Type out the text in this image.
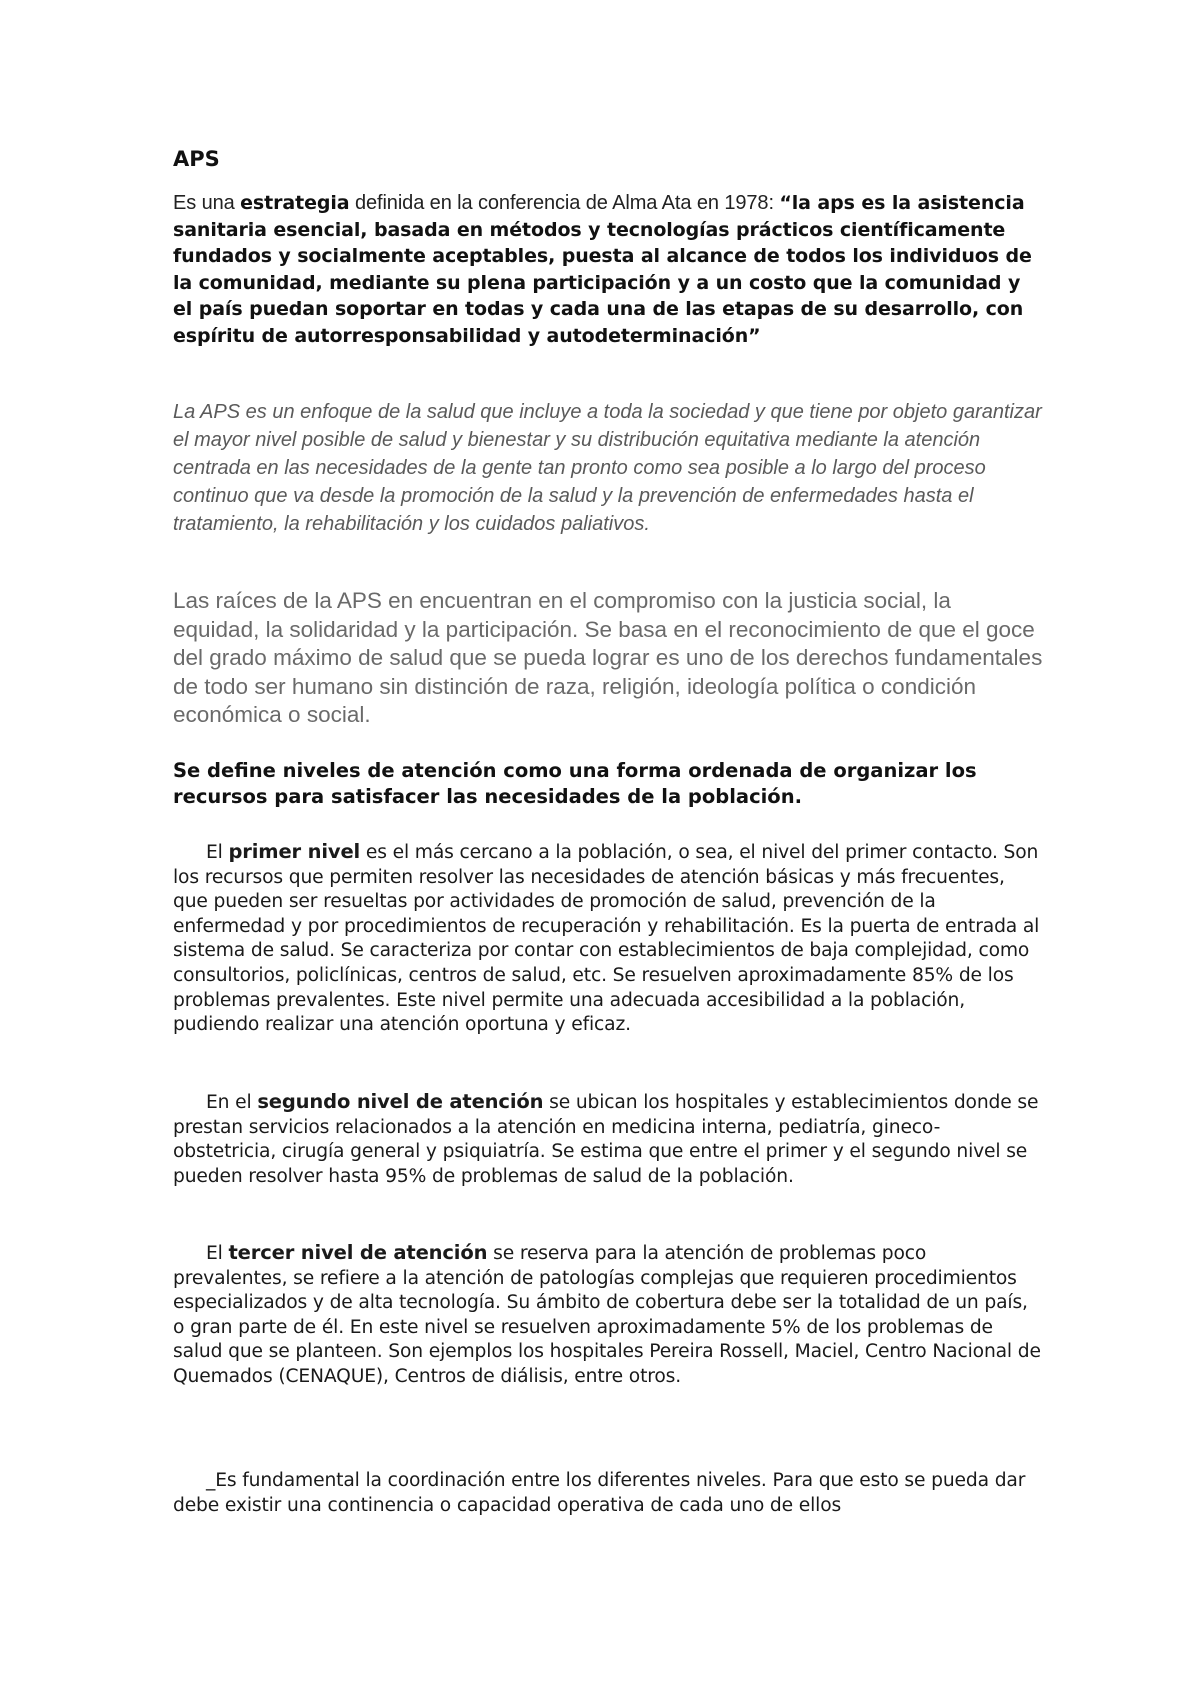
APS

Es una estrategia definida en la conferencia de Alma Ata en 1978: “la aps es la asistencia sanitaria esencial, basada en métodos y tecnologías prácticos científicamente fundados y socialmente aceptables, puesta al alcance de todos los individuos de la comunidad, mediante su plena participación y a un costo que la comunidad y el país puedan soportar en todas y cada una de las etapas de su desarrollo, con espíritu de autorresponsabilidad y autodeterminación”

La APS es un enfoque de la salud que incluye a toda la sociedad y que tiene por objeto garantizar el mayor nivel posible de salud y bienestar y su distribución equitativa mediante la atención centrada en las necesidades de la gente tan pronto como sea posible a lo largo del proceso continuo que va desde la promoción de la salud y la prevención de enfermedades hasta el tratamiento, la rehabilitación y los cuidados paliativos.

Las raíces de la APS en encuentran en el compromiso con la justicia social, la equidad, la solidaridad y la participación. Se basa en el reconocimiento de que el goce del grado máximo de salud que se pueda lograr es uno de los derechos fundamentales de todo ser humano sin distinción de raza, religión, ideología política o condición económica o social.

Se define niveles de atención como una forma ordenada de organizar los recursos para satisfacer las necesidades de la población.

El primer nivel es el más cercano a la población, o sea, el nivel del primer contacto. Son los recursos que permiten resolver las necesidades de atención básicas y más frecuentes, que pueden ser resueltas por actividades de promoción de salud, prevención de la enfermedad y por procedimientos de recuperación y rehabilitación. Es la puerta de entrada al sistema de salud. Se caracteriza por contar con establecimientos de baja complejidad, como consultorios, policlínicas, centros de salud, etc. Se resuelven aproximadamente 85% de los problemas prevalentes. Este nivel permite una adecuada accesibilidad a la población, pudiendo realizar una atención oportuna y eficaz.

En el segundo nivel de atención se ubican los hospitales y establecimientos donde se prestan servicios relacionados a la atención en medicina interna, pediatría, gineco-obstetricia, cirugía general y psiquiatría. Se estima que entre el primer y el segundo nivel se pueden resolver hasta 95% de problemas de salud de la población.

El tercer nivel de atención se reserva para la atención de problemas poco prevalentes, se refiere a la atención de patologías complejas que requieren procedimientos especializados y de alta tecnología. Su ámbito de cobertura debe ser la totalidad de un país, o gran parte de él. En este nivel se resuelven aproximadamente 5% de los problemas de salud que se planteen. Son ejemplos los hospitales Pereira Rossell, Maciel, Centro Nacional de Quemados (CENAQUE), Centros de diálisis, entre otros.

_Es fundamental la coordinación entre los diferentes niveles. Para que esto se pueda dar debe existir una continencia o capacidad operativa de cada uno de ellos
